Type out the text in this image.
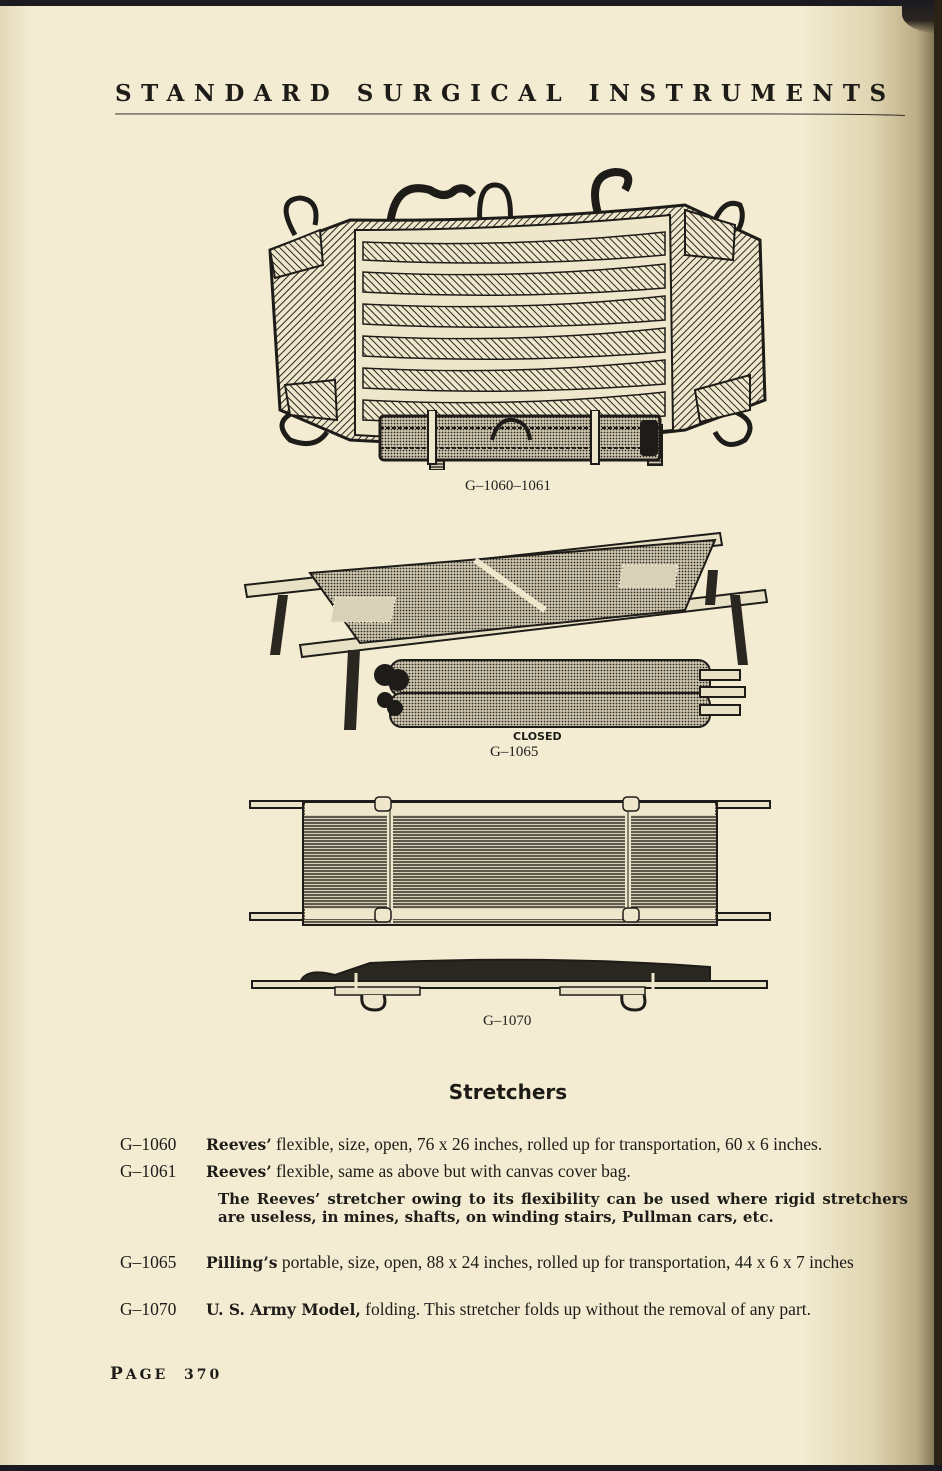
STANDARD SURGICAL INSTRUMENTS
G–1060–1061
CLOSED
G–1065
G–1070
Stretchers
G–1060 Reeves’ flexible, size, open, 76 x 26 inches, rolled up for transportation, 60 x 6 inches.
G–1061 Reeves’ flexible, same as above but with canvas cover bag.
The Reeves’ stretcher owing to its flexibility can be used where rigid stretchers are useless, in mines, shafts, on winding stairs, Pullman cars, etc.
G–1065 Pilling’s portable, size, open, 88 x 24 inches, rolled up for transportation, 44 x 6 x 7 inches
G–1070 U. S. Army Model, folding. This stretcher folds up without the removal of any part.
PAGE 370
